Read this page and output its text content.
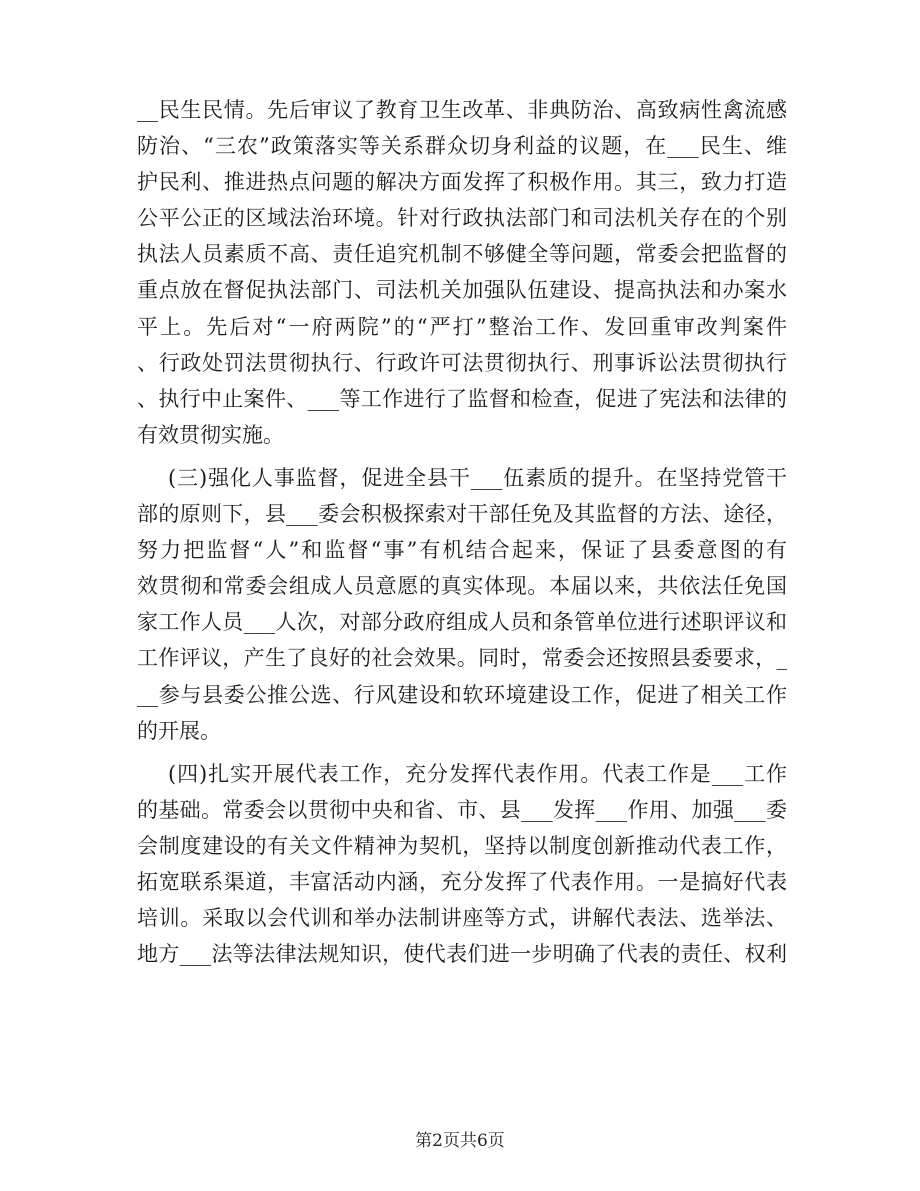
__民生民情。先后审议了教育卫生改革、非典防治、高致病性禽流感
防治、“三农”政策落实等关系群众切身利益的议题，在___民生、维
护民利、推进热点问题的解决方面发挥了积极作用。其三，致力打造
公平公正的区域法治环境。针对行政执法部门和司法机关存在的个别
执法人员素质不高、责任追究机制不够健全等问题，常委会把监督的
重点放在督促执法部门、司法机关加强队伍建设、提高执法和办案水
平上。先后对“一府两院”的“严打”整治工作、发回重审改判案件
、行政处罚法贯彻执行、行政许可法贯彻执行、刑事诉讼法贯彻执行
、执行中止案件、___等工作进行了监督和检查，促进了宪法和法律的
有效贯彻实施。
(三)强化人事监督，促进全县干___伍素质的提升。在坚持党管干
部的原则下，县___委会积极探索对干部任免及其监督的方法、途径，
努力把监督“人”和监督“事”有机结合起来，保证了县委意图的有
效贯彻和常委会组成人员意愿的真实体现。本届以来，共依法任免国
家工作人员___人次，对部分政府组成人员和条管单位进行述职评议和
工作评议，产生了良好的社会效果。同时，常委会还按照县委要求，_
__参与县委公推公选、行风建设和软环境建设工作，促进了相关工作
的开展。
(四)扎实开展代表工作，充分发挥代表作用。代表工作是___工作
的基础。常委会以贯彻中央和省、市、县___发挥___作用、加强___委
会制度建设的有关文件精神为契机，坚持以制度创新推动代表工作，
拓宽联系渠道，丰富活动内涵，充分发挥了代表作用。一是搞好代表
培训。采取以会代训和举办法制讲座等方式，讲解代表法、选举法、
地方___法等法律法规知识，使代表们进一步明确了代表的责任、权利
第2页共6页
